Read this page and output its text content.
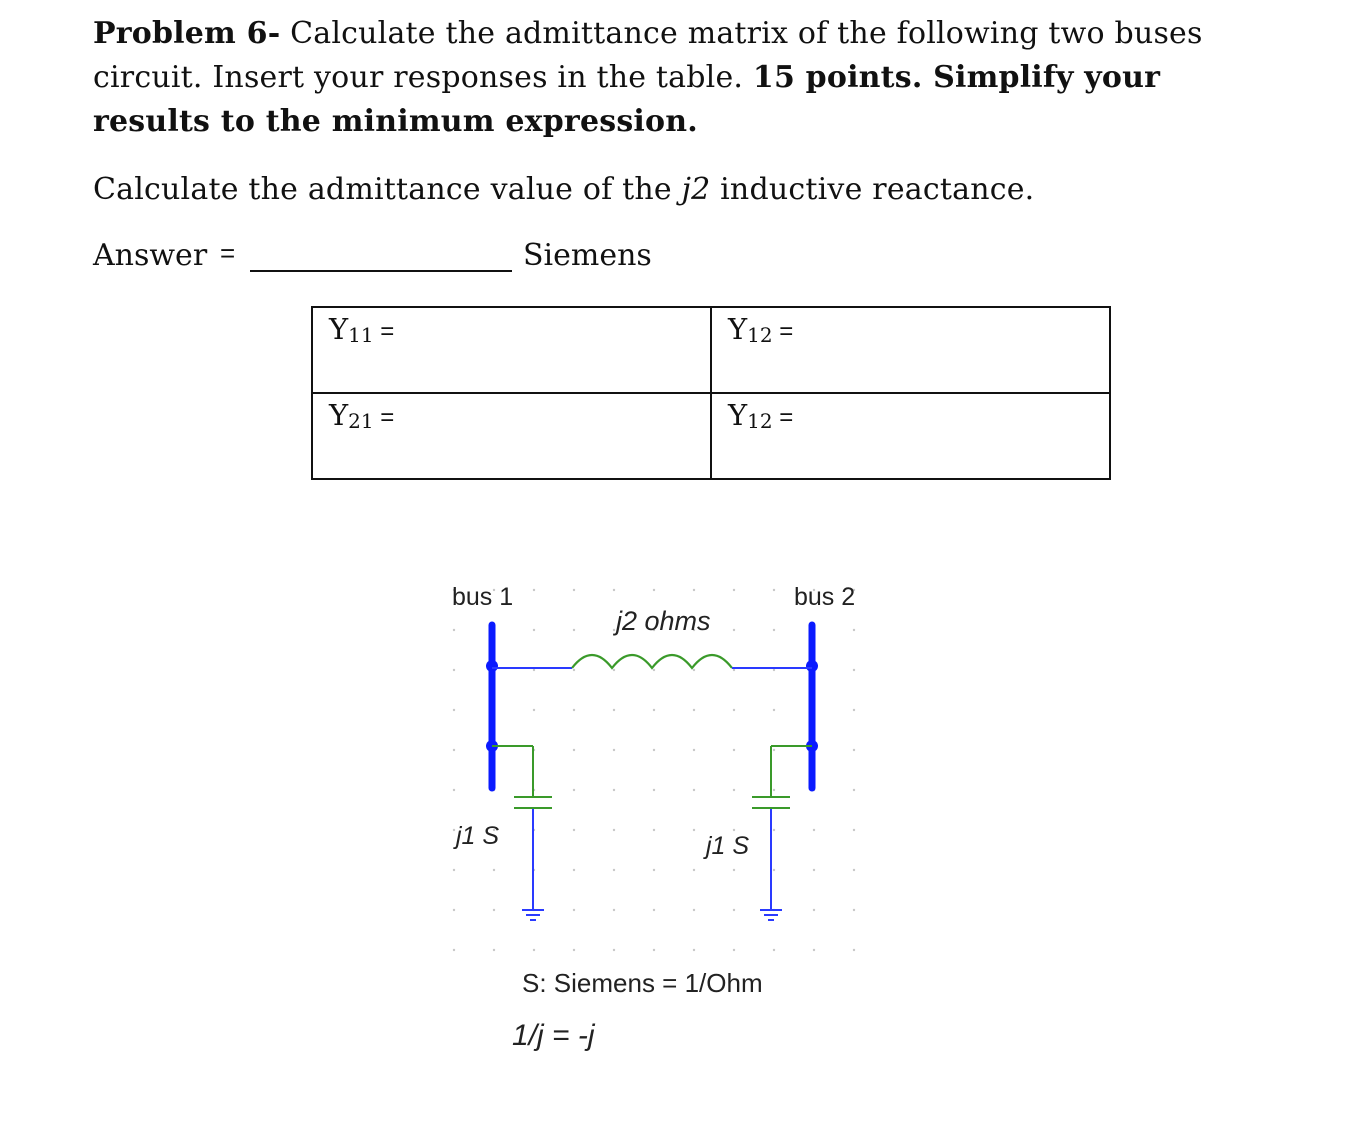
Problem 6- Calculate the admittance matrix of the following two buses circuit. Insert your responses in the table. 15 points. Simplify your results to the minimum expression.
Calculate the admittance value of the j2 inductive reactance.
Answer =	Siemens
$Y_{11}$ =	$Y_{12}$ =
$Y_{21}$ =	$Y_{12}$ =
bus 1	bus 2
j2 ohms
j1 S	j1 S
S: Siemens = 1/Ohm
1/j = -j
